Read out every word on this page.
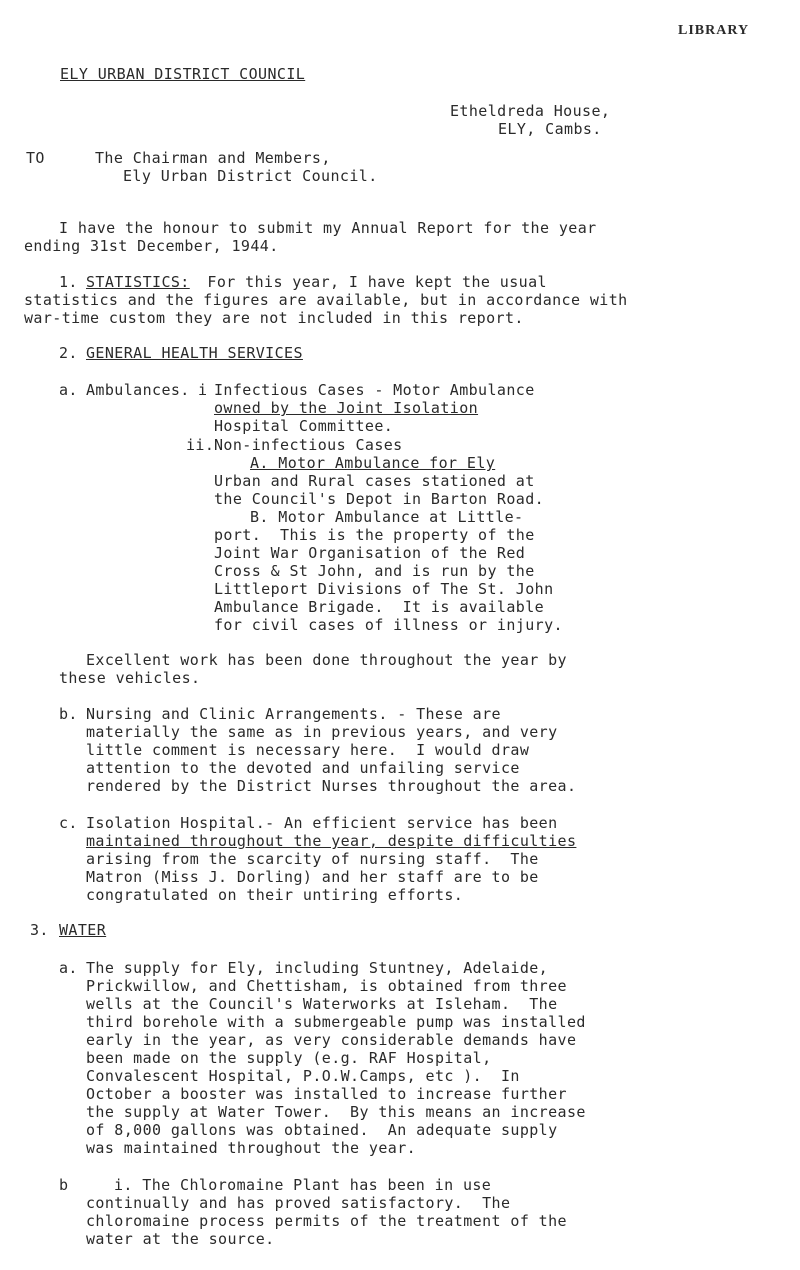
LIBRARY
ELY URBAN DISTRICT COUNCIL
Etheldreda House,
ELY, Cambs.
TO	The Chairman and Members,
Ely Urban District Council.
I have the honour to submit my Annual Report for the year
ending 31st December, 1944.
1. STATISTICS: For this year, I have kept the usual
statistics and the figures are available, but in accordance with
war-time custom they are not included in this report.
2. GENERAL HEALTH SERVICES
a. Ambulances. i Infectious Cases - Motor Ambulance
owned by the Joint Isolation
Hospital Committee.
ii. Non-infectious Cases
A. Motor Ambulance for Ely
Urban and Rural cases stationed at
the Council's Depot in Barton Road.
B. Motor Ambulance at Little-
port.  This is the property of the
Joint War Organisation of the Red
Cross & St John, and is run by the
Littleport Divisions of The St. John
Ambulance Brigade.  It is available
for civil cases of illness or injury.
Excellent work has been done throughout the year by
these vehicles.
b. Nursing and Clinic Arrangements. - These are
materially the same as in previous years, and very
little comment is necessary here.  I would draw
attention to the devoted and unfailing service
rendered by the District Nurses throughout the area.
c. Isolation Hospital.- An efficient service has been
maintained throughout the year, despite difficulties
arising from the scarcity of nursing staff.  The
Matron (Miss J. Dorling) and her staff are to be
congratulated on their untiring efforts.
3. WATER
a. The supply for Ely, including Stuntney, Adelaide,
Prickwillow, and Chettisham, is obtained from three
wells at the Council's Waterworks at Isleham.  The
third borehole with a submergeable pump was installed
early in the year, as very considerable demands have
been made on the supply (e.g. RAF Hospital,
Convalescent Hospital, P.O.W.Camps, etc ).  In
October a booster was installed to increase further
the supply at Water Tower.  By this means an increase
of 8,000 gallons was obtained.  An adequate supply
was maintained throughout the year.
b	i. The Chloromaine Plant has been in use
continually and has proved satisfactory.  The
chloromaine process permits of the treatment of the
water at the source.
